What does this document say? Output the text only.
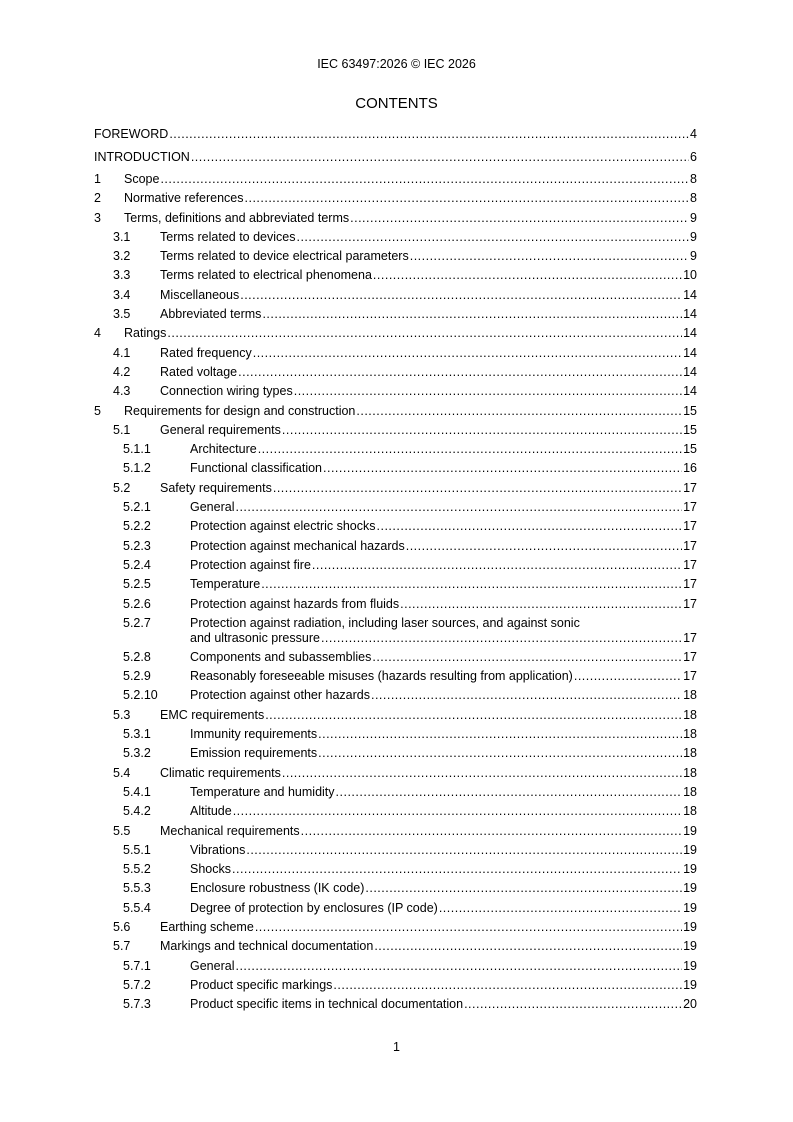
IEC 63497:2026 © IEC 2026
CONTENTS
FOREWORD .....	4
INTRODUCTION .....	6
1 Scope .....	8
2 Normative references .....	8
3 Terms, definitions and abbreviated terms .....	9
3.1 Terms related to devices .....	9
3.2 Terms related to device electrical parameters .....	9
3.3 Terms related to electrical phenomena .....	10
3.4 Miscellaneous .....	14
3.5 Abbreviated terms .....	14
4 Ratings .....	14
4.1 Rated frequency .....	14
4.2 Rated voltage .....	14
4.3 Connection wiring types .....	14
5 Requirements for design and construction .....	15
5.1 General requirements .....	15
5.1.1	Architecture .....	15
5.1.2	Functional classification .....	16
5.2 Safety requirements .....	17
5.2.1	General .....	17
5.2.2	Protection against electric shocks .....	17
5.2.3	Protection against mechanical hazards .....	17
5.2.4	Protection against fire .....	17
5.2.5	Temperature .....	17
5.2.6	Protection against hazards from fluids .....	17
5.2.7	Protection against radiation, including laser sources, and against sonic
and ultrasonic pressure .....	17
5.2.8	Components and subassemblies .....	17
5.2.9	Reasonably foreseeable misuses (hazards resulting from application) .....	17
5.2.10	Protection against other hazards .....	18
5.3 EMC requirements .....	18
5.3.1	Immunity requirements .....	18
5.3.2	Emission requirements .....	18
5.4 Climatic requirements .....	18
5.4.1	Temperature and humidity .....	18
5.4.2	Altitude .....	18
5.5 Mechanical requirements .....	19
5.5.1	Vibrations .....	19
5.5.2	Shocks .....	19
5.5.3	Enclosure robustness (IK code) .....	19
5.5.4	Degree of protection by enclosures (IP code) .....	19
5.6 Earthing scheme .....	19
5.7 Markings and technical documentation .....	19
5.7.1	General .....	19
5.7.2	Product specific markings .....	19
5.7.3	Product specific items in technical documentation .....	20
1
